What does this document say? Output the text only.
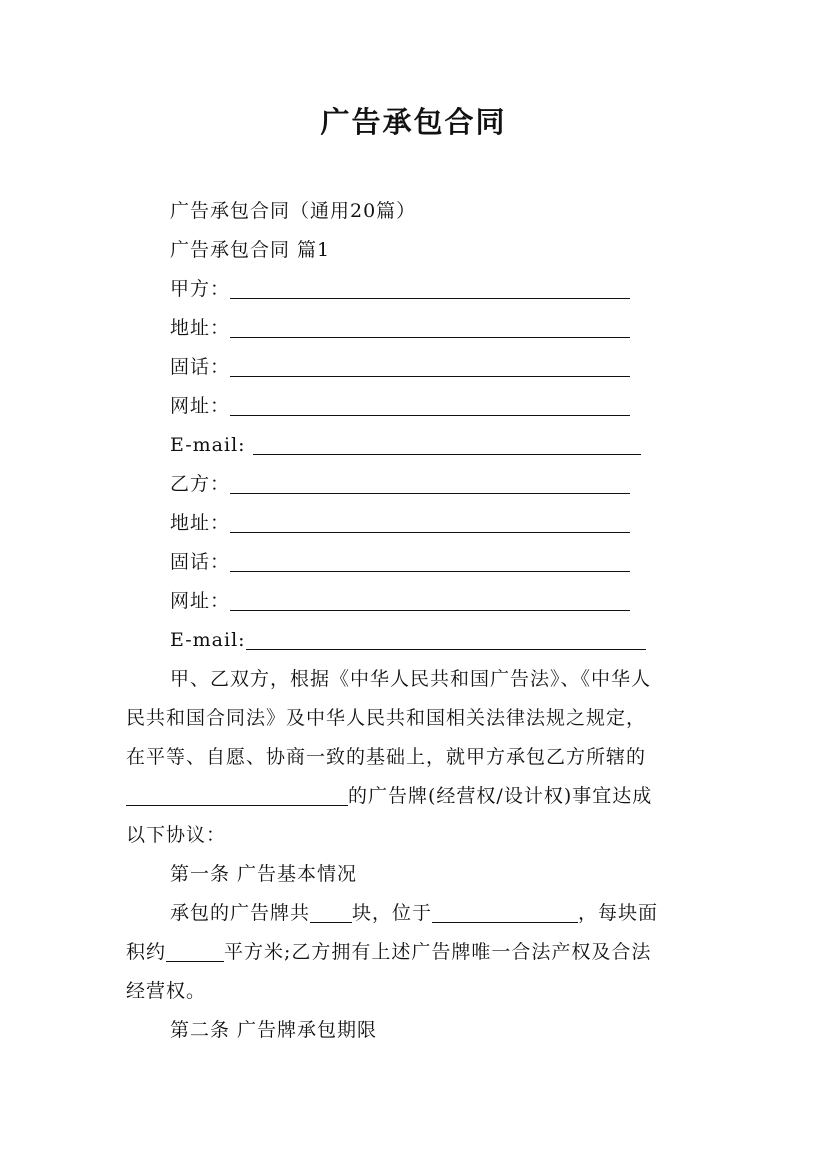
广告承包合同
广告承包合同（通用20篇）
广告承包合同 篇1
甲方：
地址：
固话：
网址：
E-mail:
乙方：
地址：
固话：
网址：
E-mail:
甲、乙双方，根据《中华人民共和国广告法》、《中华人
民共和国合同法》及中华人民共和国相关法律法规之规定，
在平等、自愿、协商一致的基础上，就甲方承包乙方所辖的
的广告牌(经营权/设计权)事宜达成
以下协议：
第一条 广告基本情况
承包的广告牌共 块，位于	，每块面
积约	平方米;乙方拥有上述广告牌唯一合法产权及合法
经营权。
第二条 广告牌承包期限
